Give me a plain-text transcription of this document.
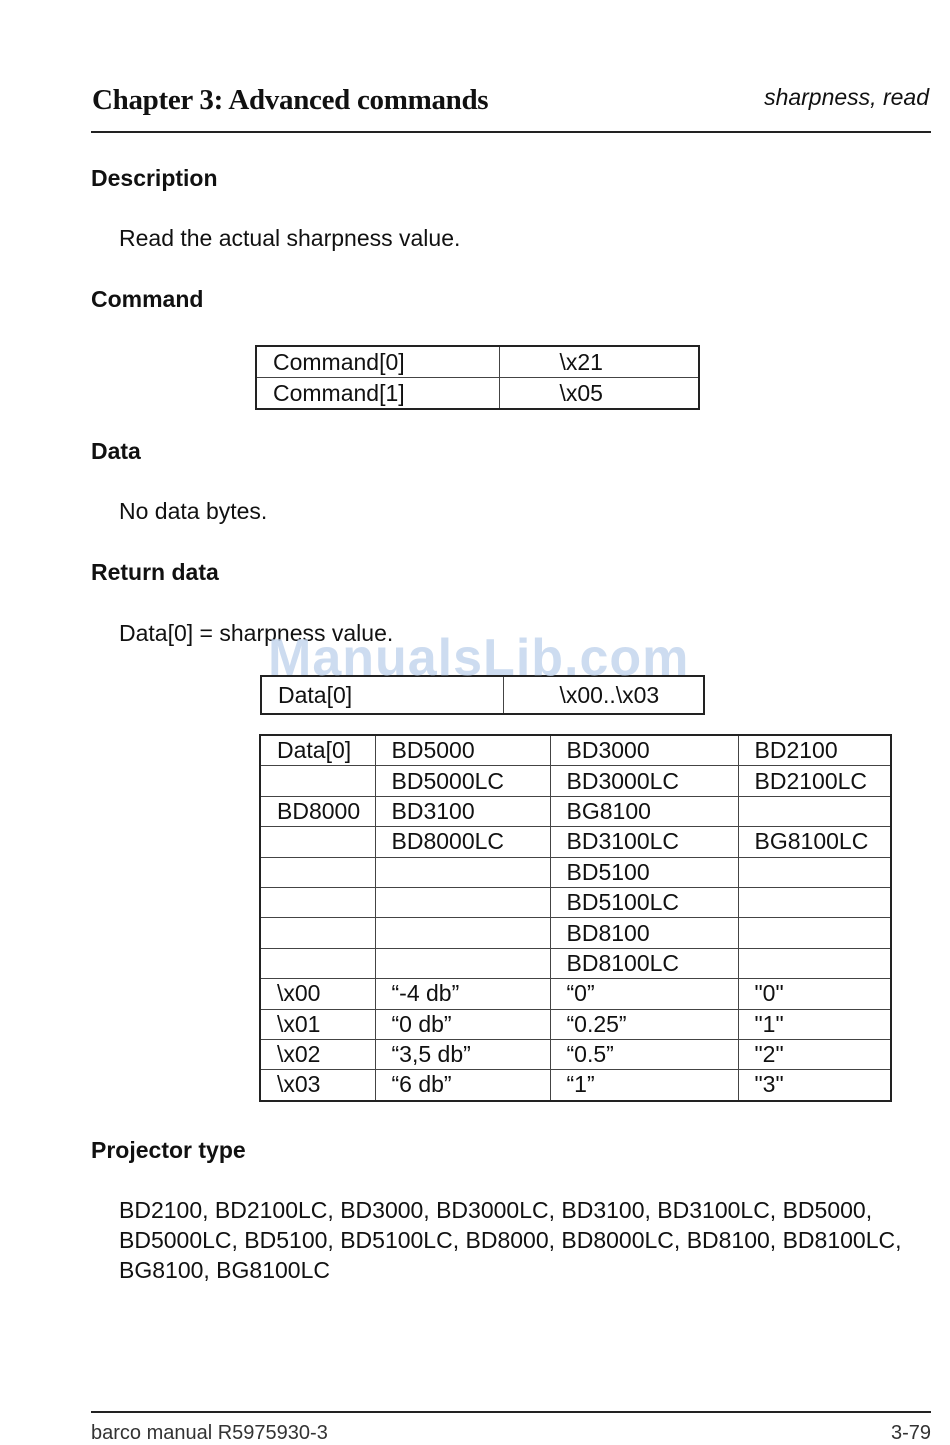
Chapter 3: Advanced commands	sharpness, read
Description
Read the actual sharpness value.
Command
Command[0]	\x21
Command[1]	\x05
Data
No data bytes.
Return data
Data[0] = sharpness value.
Data[0]	\x00..\x03
ManualsLib.com
Data[0]	BD5000	BD3000	BD2100
	BD5000LC	BD3000LC	BD2100LC
BD8000	BD3100	BG8100	
	BD8000LC	BD3100LC	BG8100LC
		BD5100	
		BD5100LC	
		BD8100	
		BD8100LC	
\x00	“-4 db”	“0”	"0"
\x01	“0 db”	“0.25”	"1"
\x02	“3,5 db”	“0.5”	"2"
\x03	“6 db”	“1”	"3"
Projector type
BD2100, BD2100LC, BD3000, BD3000LC, BD3100, BD3100LC, BD5000, BD5000LC, BD5100, BD5100LC, BD8000, BD8000LC, BD8100, BD8100LC, BG8100, BG8100LC
barco manual R5975930-3	3-79
